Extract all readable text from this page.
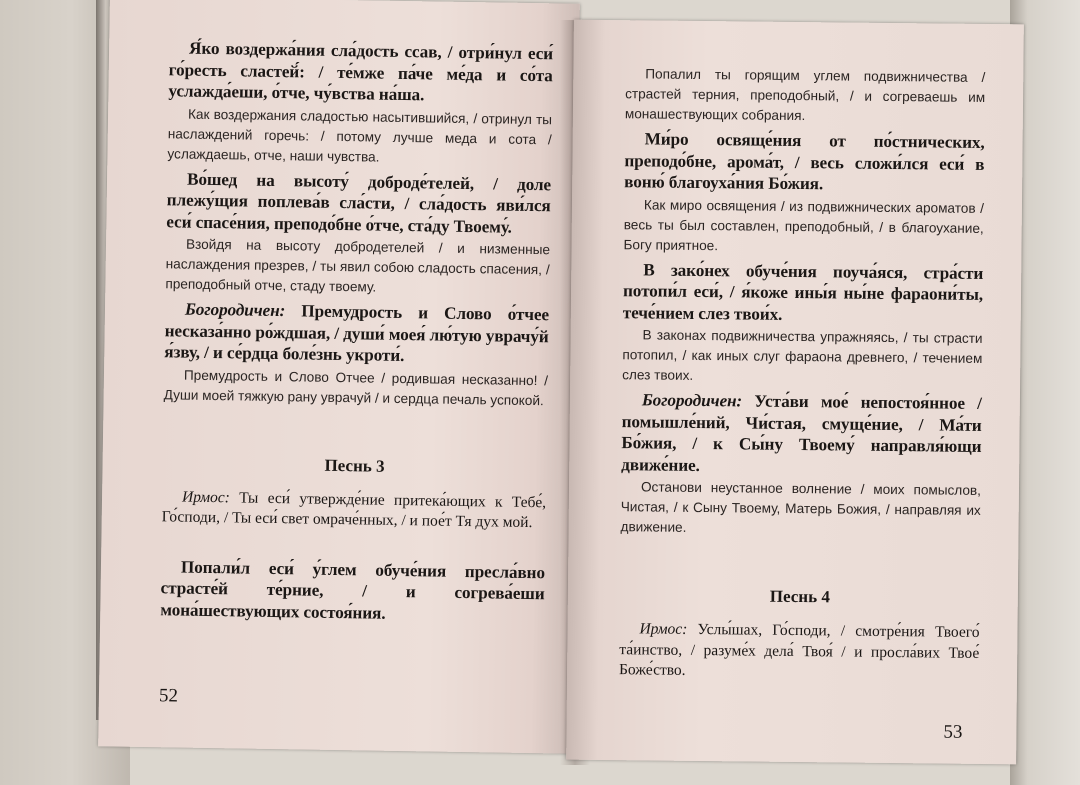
Я́ко воздержа́ния сла́дость ссав, / отри́нул еси́ го́ресть сластей́: / те́мже па́че ме́да и со́та услажда́еши, о́тче, чу́вства на́ша.

Как воздержания сладостью насытившийся, / отринул ты наслаждений горечь: / потому лучше меда и сота / услаждаешь, отче, наши чувства.

Во́шед на высоту́ доброде́телей, / доле плежу́щия поплева́в сла́сти, / сла́дость яви́лся еси́ спасе́ния, преподо́бне о́тче, ста́ду Твоему́.

Взойдя на высоту добродетелей / и низменные наслаждения презрев, / ты явил собою сладость спасения, / преподобный отче, стаду твоему.

Богородичен: Премудрость и Слово о́тчее несказа́нно ро́ждшая, / души́ моея́ лю́тую уврачу́й я́зву, / и се́рдца боле́знь укроти́.

Премудрость и Слово Отчее / родившая несказанно! / Души моей тяжкую рану уврачуй / и сердца печаль успокой.

Песнь 3

Ирмос: Ты еси́ утвержде́ние притека́ющих к Тебе́, Го́споди, / Ты еси́ свет омраче́нных, / и пое́т Тя дух мой.

Попали́л еси́ у́глем обуче́ния пресла́вно страсте́й те́рние, / и согрева́еши мона́шествующих состоя́ния.

52

Попалил ты горящим углем подвижничества / страстей терния, преподобный, / и согреваешь им монашествующих собрания.

Ми́ро освяще́ния от по́стнических, преподо́бне, арома́т, / весь сложи́лся еси́ в воню́ благоуха́ния Бо́жия.

Как миро освящения / из подвижнических ароматов / весь ты был составлен, преподобный, / в благоухание, Богу приятное.

В зако́нех обуче́ния поуча́яся, стра́сти потопи́л еси́, / я́коже ины́я ны́не фараони́ты, тече́нием слез твои́х.

В законах подвижничества упражняясь, / ты страсти потопил, / как иных слуг фараона древнего, / течением слез твоих.

Богородичен: Уста́ви мое́ непостоя́нное / помышле́ний, Чи́стая, смуще́ние, / Ма́ти Бо́жия, / к Сы́ну Твоему́ направля́ющи движе́ние.

Останови неустанное волнение / моих помыслов, Чистая, / к Сыну Твоему, Матерь Божия, / направляя их движение.

Песнь 4

Ирмос: Услы́шах, Го́споди, / смотре́ния Твоего́ та́инство, / разуме́х дела́ Твоя́ / и просла́вих Твое́ Боже́ство.

53
